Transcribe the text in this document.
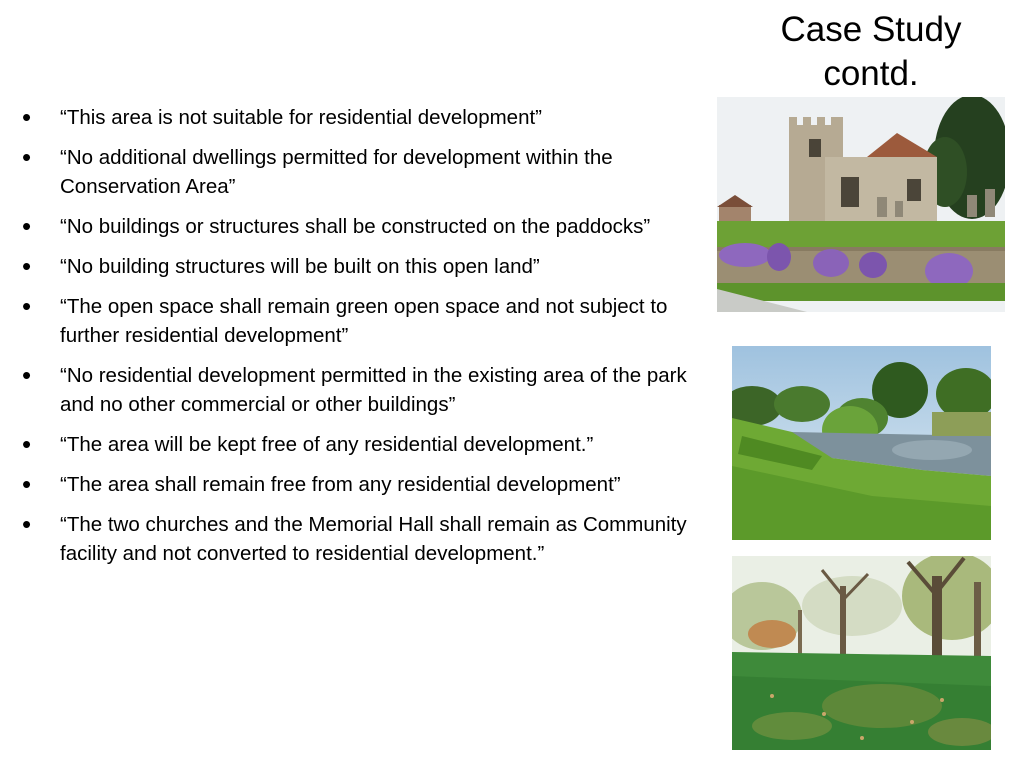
Case Study
contd.
• “This area is not suitable for residential development”
• “No additional dwellings permitted for development within the Conservation Area”
• “No buildings or structures shall be constructed on the paddocks”
• “No building structures will be built on this open land”
• “The open space shall remain green open space and not subject to further residential development”
• “No residential development permitted in the existing area of the park and no other commercial or other buildings”
• “The area will be kept free of any residential development.”
• “The area shall remain free from any residential development”
• “The two churches and the Memorial Hall shall remain as Community facility and not converted to residential development.”
